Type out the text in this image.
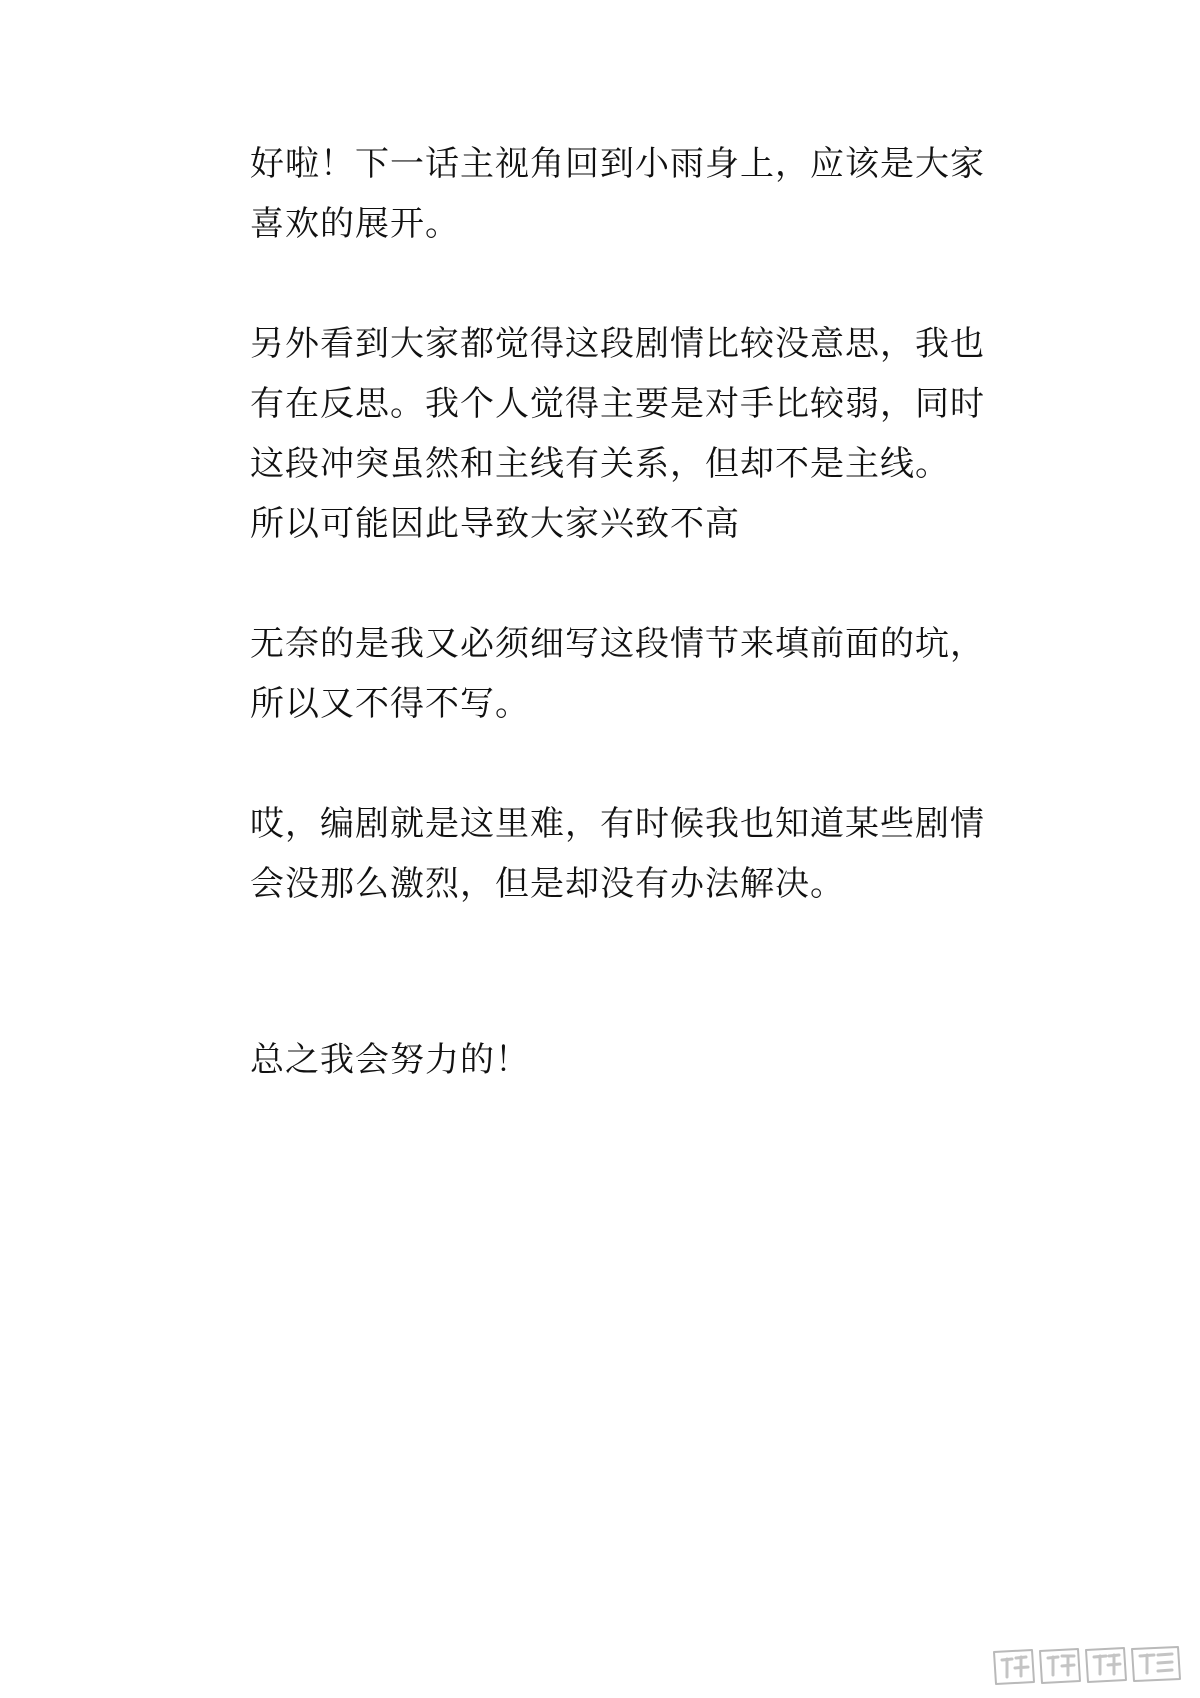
好啦！下一话主视角回到小雨身上，应该是大家
喜欢的展开。
另外看到大家都觉得这段剧情比较没意思，我也
有在反思。我个人觉得主要是对手比较弱，同时
这段冲突虽然和主线有关系，但却不是主线。
所以可能因此导致大家兴致不高
无奈的是我又必须细写这段情节来填前面的坑，
所以又不得不写。
哎，编剧就是这里难，有时候我也知道某些剧情
会没那么激烈，但是却没有办法解决。
总之我会努力的！
